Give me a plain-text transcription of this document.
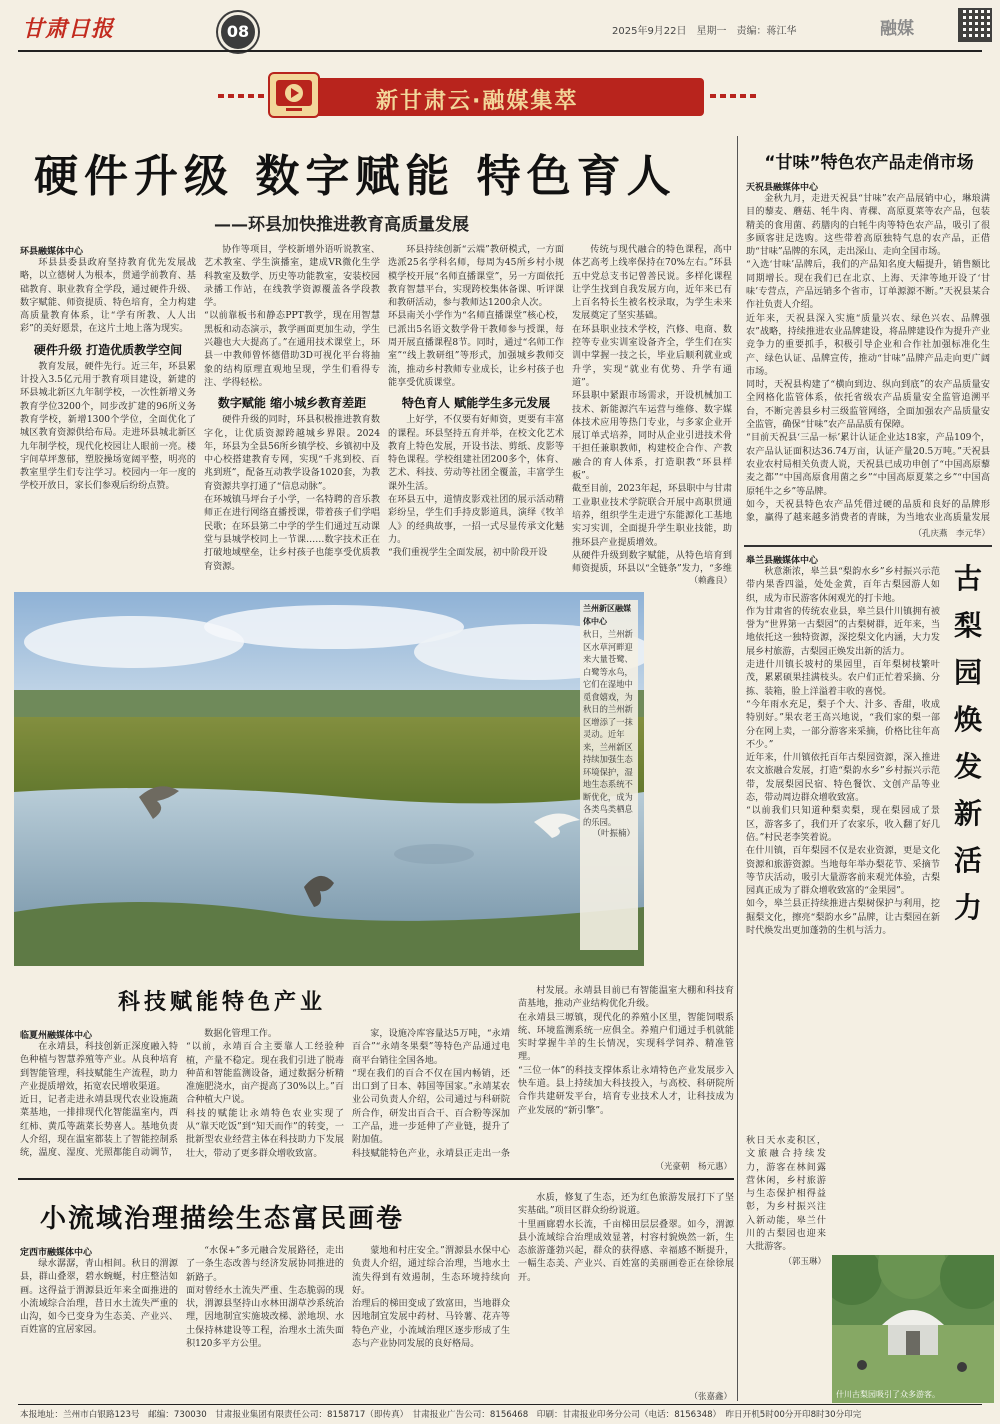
甘肃日报	08	2025年9月22日　星期一　责编：蒋江华	融媒
新甘肃云·融媒集萃
硬件升级 数字赋能 特色育人
——环县加快推进教育高质量发展
环县融媒体中心
环县县委县政府坚持教育优先发展战略，以立德树人为根本，贯通学前教育、基础教育、职业教育全学段，通过硬件升级、数字赋能、师资提质、特色培育，全力构建高质量教育体系，让“学有所教、人人出彩”的美好愿景，在这片土地上落为现实。
硬件升级 打造优质教学空间
教育发展，硬件先行。近三年，环县累计投入3.5亿元用于教育项目建设，新建的环县城北新区九年制学校，一次性新增义务教育学位3200个，同步改扩建的96所义务教育学校，新增1300个学位，全面优化了城区教育资源供给布局。走进环县城北新区九年制学校，现代化校园让人眼前一亮。楼宇间草坪葱郁，塑胶操场宽阔平整，明亮的教室里学生们专注学习。校园内一年一度的学校开放日，家长们参观后纷纷点赞。
协作等项目，学校新增外语听说教室、艺术教室、学生演播室，建成VR微化生学科教室及数学、历史等功能教室，安装校园录播工作站，在线教学资源覆盖各学段教学。
“以前靠板书和静态PPT教学，现在用智慧黑板和动态演示，教学画面更加生动，学生兴趣也大大提高了。”在通用技术课堂上，环县一中教师曾怀德借助3D可视化平台将抽象的结构原理直观地呈现，学生们看得专注、学得轻松。
数字赋能 缩小城乡教育差距
硬件升级的同时，环县积极推进教育数字化，让优质资源跨越城乡界限。2024年，环县为全县56所乡镇学校、乡镇初中及中心校搭建教育专网，实现“千兆到校、百兆到班”，配备互动教学设备1020套，为教育资源共享打通了“信息动脉”。
在环城镇马坪台子小学，一名特聘的音乐教师正在进行网络直播授课，带着孩子们学唱民歌；在环县第二中学的学生们通过互动课堂与县城学校同上一节课……数字技术正在打破地域壁垒，让乡村孩子也能享受优质教育资源。
环县持续创新“云端”教研模式，一方面选派25名学科名师，每周为45所乡村小规模学校开展“名师直播课堂”，另一方面依托教育智慧平台，实现跨校集体备课、听评课和教研活动，参与教师达1200余人次。
环县南关小学作为“名师直播课堂”核心校，已派出5名语文数学骨干教师参与授课，每周开展直播课程8节。同时，通过“名师工作室”“线上教研组”等形式，加强城乡教师交流，推动乡村教师专业成长，让乡村孩子也能享受优质课堂。
特色育人 赋能学生多元发展
上好学，不仅要有好师资，更要有丰富的课程。环县坚持五育并举，在校文化艺术教育上特色发展，开设书法、剪纸、皮影等特色课程。学校组建社团200多个，体育、艺术、科技、劳动等社团全覆盖，丰富学生课外生活。
在环县五中，道情皮影戏社团的展示活动精彩纷呈，学生们手持皮影道具，演绎《牧羊人》的经典故事，一招一式尽显传承文化魅力。
“我们重视学生全面发展，初中阶段开设
传统与现代融合的特色课程，高中体艺高考上线率保持在70%左右。”环县五中党总支书记曾善民说。多样化课程让学生找到自我发展方向，近年来已有上百名特长生被名校录取，为学生未来发展奠定了坚实基础。
在环县职业技术学校，汽修、电商、数控等专业实训室设备齐全，学生们在实训中掌握一技之长，毕业后顺利就业或升学，实现“就业有优势、升学有通道”。
环县职中紧跟市场需求，开设机械加工技术、新能源汽车运营与维修、数字媒体技术应用等热门专业，与多家企业开展订单式培养，同时从企业引进技术骨干担任兼职教师，构建校企合作、产教融合的育人体系，打造职教“环县样板”。
截至目前，2023年起，环县职中与甘肃工业职业技术学院联合开展中高职贯通培养，组织学生走进宁东能源化工基地实习实训，全面提升学生职业技能，助推环县产业提质增效。
从硬件升级到数字赋能，从特色培育到师资提质，环县以“全链条”发力，“多维
（赖鑫良）
“甘味”特色农产品走俏市场
天祝县融媒体中心
金秋九月，走进天祝县“甘味”农产品展销中心，琳琅满目的藜麦、蘑菇、牦牛肉、青稞、高原夏菜等农产品，包装精美的食用菌、药膳肉的白牦牛肉等特色农产品，吸引了很多顾客驻足选购。这些带着高原独特气息的农产品，正借助“甘味”品牌的东风，走出深山、走向全国市场。
“入选‘甘味’品牌后，我们的产品知名度大幅提升，销售额比同期增长。现在我们已在北京、上海、天津等地开设了‘甘味’专营点，产品远销多个省市，订单源源不断。”天祝县某合作社负责人介绍。
近年来，天祝县深入实施“质量兴农、绿色兴农、品牌强农”战略，持续推进农业品牌建设，将品牌建设作为提升产业竞争力的重要抓手，积极引导企业和合作社加强标准化生产、绿色认证、品牌宣传，推动“甘味”品牌产品走向更广阔市场。
同时，天祝县构建了“横向到边、纵向到底”的农产品质量安全网格化监管体系，依托省级农产品质量安全监管追溯平台，不断完善县乡村三级监管网络，全面加强农产品质量安全监管，确保“甘味”农产品品质有保障。
“目前天祝县‘三品一标’累计认证企业达18家，产品109个，农产品认证面积达36.74万亩，认证产量20.5万吨。”天祝县农业农村局相关负责人说，天祝县已成功申创了“中国高原藜麦之都”“中国高原食用菌之乡”“中国高原夏菜之乡”“中国高原牦牛之乡”等品牌。
如今，天祝县特色农产品凭借过硬的品质和良好的品牌形象，赢得了越来越多消费者的青睐，为当地农业高质量发展
（孔庆燕　李元华）
皋兰县融媒体中心
秋意渐浓，皋兰县“梨韵水乡”乡村振兴示范带内果香四溢，处处金黄，百年古梨园游人如织，成为市民游客休闲观光的打卡地。
作为甘肃省的传统农业县，皋兰县什川镇拥有被誉为“世界第一古梨园”的古梨树群，近年来，当地依托这一独特资源，深挖梨文化内涵，大力发展乡村旅游，古梨园正焕发出新的活力。
走进什川镇长坡村的果园里，百年梨树枝繁叶茂，累累硕果挂满枝头。农户们正忙着采摘、分拣、装箱，脸上洋溢着丰收的喜悦。
“今年雨水充足，梨子个大、汁多、香甜，收成特别好。”果农老王高兴地说，“我们家的梨一部分在网上卖，一部分游客来采摘，价格比往年高不少。”
近年来，什川镇依托百年古梨园资源，深入推进农文旅融合发展，打造“梨韵水乡”乡村振兴示范带，发展梨园民宿、特色餐饮、文创产品等业态，带动周边群众增收致富。
“以前我们只知道种梨卖梨，现在梨园成了景区，游客多了，我们开了农家乐，收入翻了好几倍。”村民老李笑着说。
在什川镇，百年梨园不仅是农业资源，更是文化资源和旅游资源。当地每年举办梨花节、采摘节等节庆活动，吸引大量游客前来观光体验，古梨园真正成为了群众增收致富的“金果园”。
如今，皋兰县正持续推进古梨树保护与利用，挖掘梨文化，擦亮“梨韵水乡”品牌，让古梨园在新时代焕发出更加蓬勃的生机与活力。
古梨园焕发新活力
兰州新区融媒体中心
秋日，兰州新区水草河畔迎来大量苍鹭、白鹭等水鸟，它们在湿地中觅食嬉戏，为秋日的兰州新区增添了一抹灵动。近年来，兰州新区持续加强生态环境保护，湿地生态系统不断优化，成为各类鸟类栖息的乐园。
（叶振楠）
科技赋能特色产业
临夏州融媒体中心
在永靖县，科技创新正深度融入特色种植与智慧养殖等产业。从良种培育到智能管理，科技赋能生产流程，助力产业提质增效，拓宽农民增收渠道。
近日，记者走进永靖县现代农业设施蔬菜基地，一排排现代化智能温室内，西红柿、黄瓜等蔬菜长势喜人。基地负责人介绍，现在温室都装上了智能控制系统，温度、湿度、光照都能自动调节，
数据化管理工作。
“以前，永靖百合主要靠人工经验种植，产量不稳定。现在我们引进了脱毒种苗和智能监测设备，通过数据分析精准施肥浇水，亩产提高了30%以上。”百合种植大户说。
科技的赋能让永靖特色农业实现了从“靠天吃饭”到“知天而作”的转变，一批新型农业经营主体在科技助力下发展壮大，带动了更多群众增收致富。
家，设施冷库容量达5万吨，“永靖百合”“永靖冬果梨”等特色产品通过电商平台销往全国各地。
“现在我们的百合不仅在国内畅销，还出口到了日本、韩国等国家。”永靖某农业公司负责人介绍，公司通过与科研院所合作，研发出百合干、百合粉等深加工产品，进一步延伸了产业链，提升了附加值。
科技赋能特色产业，永靖县正走出一条
村发展。永靖县目前已有智能温室大棚和科技育苗基地，推动产业结构优化升级。
在永靖县三塬镇，现代化的养殖小区里，智能饲喂系统、环境监测系统一应俱全。养殖户们通过手机就能实时掌握牛羊的生长情况，实现科学饲养、精准管理。
“三位一体”的科技支撑体系让永靖特色产业发展步入快车道。县上持续加大科技投入，与高校、科研院所合作共建研发平台，培育专业技术人才，让科技成为产业发展的“新引擎”。
（光豪朝　杨元惠）
小流域治理描绘生态富民画卷
定西市融媒体中心
绿水潺潺，青山相间。秋日的渭源县，群山叠翠，碧水蜿蜒，村庄整洁如画。这得益于渭源县近年来全面推进的小流域综合治理，昔日水土流失严重的山沟，如今已变身为生态美、产业兴、百姓富的宜居家园。
“水保+”多元融合发展路径，走出了一条生态改善与经济发展协同推进的新路子。
面对曾经水土流失严重、生态脆弱的现状，渭源县坚持山水林田湖草沙系统治理，因地制宜实施坡改梯、淤地坝、水土保持林建设等工程，治理水土流失面积120多平方公里。
蒙地和村庄安全。”渭源县水保中心负责人介绍，通过综合治理，当地水土流失得到有效遏制，生态环境持续向好。
治理后的梯田变成了致富田，当地群众因地制宜发展中药材、马铃薯、花卉等特色产业，小流域治理区逐步形成了生态与产业协同发展的良好格局。
水质，修复了生态，还为红色旅游发展打下了坚实基础。”项目区群众纷纷说道。
十里画廊碧水长流，千亩梯田层层叠翠。如今，渭源县小流域综合治理成效显著，村容村貌焕然一新，生态旅游蓬勃兴起，群众的获得感、幸福感不断提升，一幅生态美、产业兴、百姓富的美丽画卷正在徐徐展开。
（张嘉鑫）
秋日天水麦积区，文旅融合持续发力，游客在林间露营休闲，乡村旅游与生态保护相得益彰，为乡村振兴注入新动能，皋兰什川的古梨园也迎来大批游客。
（郭玉琳）
什川古梨园吸引了众多游客。
本报地址：兰州市白银路123号　邮编：730030　甘肃报业集团有限责任公司：8158717（即传真）　甘肃报业广告公司：8156468　印刷：甘肃报业印务分公司（电话：8156348）　昨日开机5时00分开印8时30分印完
